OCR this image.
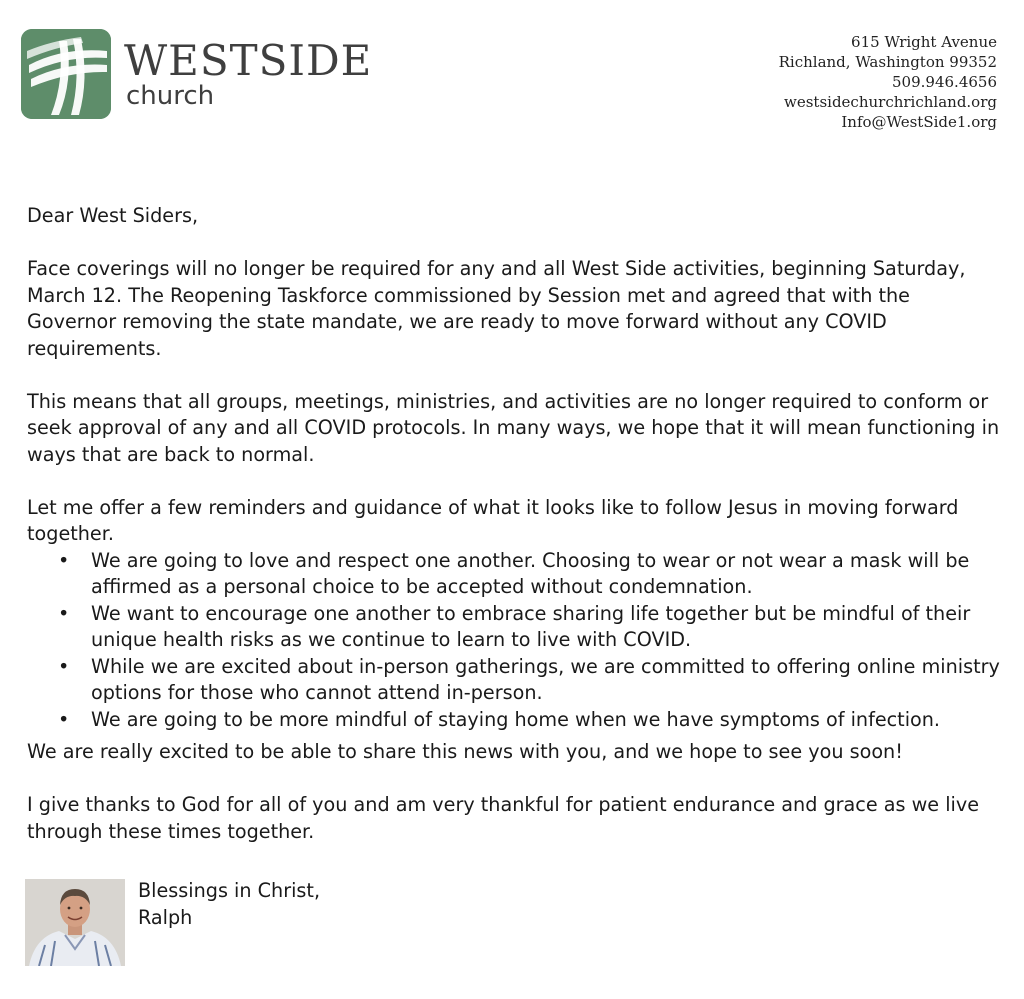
WESTSIDE
church
615 Wright Avenue
Richland, Washington 99352
509.946.4656
westsidechurchrichland.org
Info@WestSide1.org

Dear West Siders,

Face coverings will no longer be required for any and all West Side activities, beginning Saturday, March 12. The Reopening Taskforce commissioned by Session met and agreed that with the Governor removing the state mandate, we are ready to move forward without any COVID requirements.

This means that all groups, meetings, ministries, and activities are no longer required to conform or seek approval of any and all COVID protocols. In many ways, we hope that it will mean functioning in ways that are back to normal.

Let me offer a few reminders and guidance of what it looks like to follow Jesus in moving forward together.

• We are going to love and respect one another. Choosing to wear or not wear a mask will be affirmed as a personal choice to be accepted without condemnation.
• We want to encourage one another to embrace sharing life together but be mindful of their unique health risks as we continue to learn to live with COVID.
• While we are excited about in-person gatherings, we are committed to offering online ministry options for those who cannot attend in-person.
• We are going to be more mindful of staying home when we have symptoms of infection.

We are really excited to be able to share this news with you, and we hope to see you soon!

I give thanks to God for all of you and am very thankful for patient endurance and grace as we live through these times together.

Blessings in Christ,
Ralph
